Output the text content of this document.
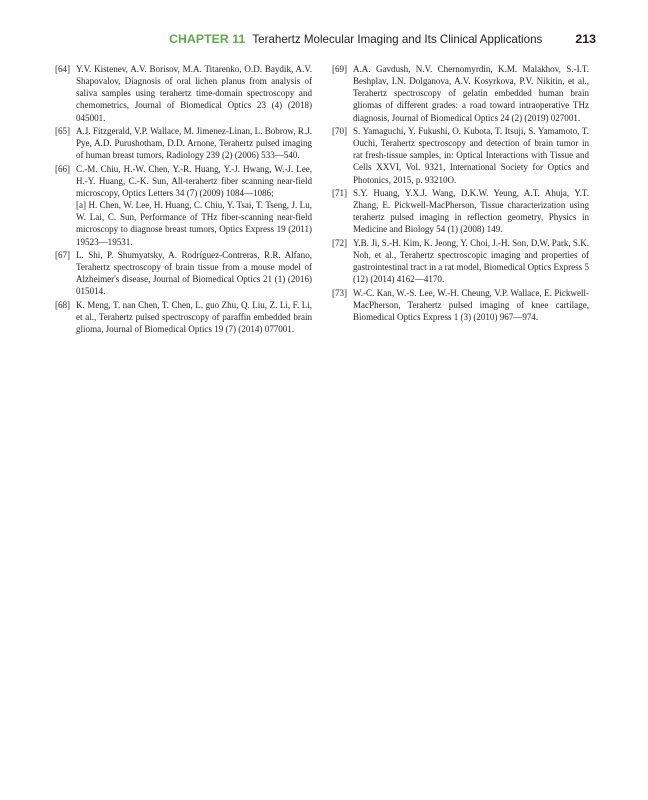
CHAPTER 11 Terahertz Molecular Imaging and Its Clinical Applications	213
[64] Y.V. Kistenev, A.V. Borisov, M.A. Titarenko, O.D. Baydik, A.V. Shapovalov, Diagnosis of oral lichen planus from analysis of saliva samples using terahertz time-domain spectroscopy and chemometrics, Journal of Biomedical Optics 23 (4) (2018) 045001.
[65] A.J. Fitzgerald, V.P. Wallace, M. Jimenez-Linan, L. Bobrow, R.J. Pye, A.D. Purushotham, D.D. Arnone, Terahertz pulsed imaging of human breast tumors, Radiology 239 (2) (2006) 533—540.
[66] C.-M. Chiu, H.-W. Chen, Y.-R. Huang, Y.-J. Hwang, W.-J. Lee, H.-Y. Huang, C.-K. Sun, All-terahertz fiber scanning near-field microscopy, Optics Letters 34 (7) (2009) 1084—1086;
[a] H. Chen, W. Lee, H. Huang, C. Chiu, Y. Tsai, T. Tseng, J. Lu, W. Lai, C. Sun, Performance of THz fiber-scanning near-field microscopy to diagnose breast tumors, Optics Express 19 (2011) 19523—19531.
[67] L. Shi, P. Shumyatsky, A. Rodríguez-Contreras, R.R. Alfano, Terahertz spectroscopy of brain tissue from a mouse model of Alzheimer's disease, Journal of Biomedical Optics 21 (1) (2016) 015014.
[68] K. Meng, T. nan Chen, T. Chen, L. guo Zhu, Q. Liu, Z. Li, F. Li, et al., Terahertz pulsed spectroscopy of paraffin embedded brain glioma, Journal of Biomedical Optics 19 (7) (2014) 077001.
[69] A.A. Gavdush, N.V. Chernomyrdin, K.M. Malakhov, S.-I.T. Beshplav, I.N. Dolganova, A.V. Kosyrkova, P.V. Nikitin, et al., Terahertz spectroscopy of gelatin embedded human brain gliomas of different grades: a road toward intraoperative THz diagnosis, Journal of Biomedical Optics 24 (2) (2019) 027001.
[70] S. Yamaguchi, Y. Fukushi, O. Kubota, T. Itsuji, S. Yamamoto, T. Ouchi, Terahertz spectroscopy and detection of brain tumor in rat fresh-tissue samples, in: Optical Interactions with Tissue and Cells XXVI, Vol. 9321, International Society for Optics and Photonics, 2015, p. 93210O.
[71] S.Y. Huang, Y.X.J. Wang, D.K.W. Yeung, A.T. Ahuja, Y.T. Zhang, E. Pickwell-MacPherson, Tissue characterization using terahertz pulsed imaging in reflection geometry, Physics in Medicine and Biology 54 (1) (2008) 149.
[72] Y.B. Ji, S.-H. Kim, K. Jeong, Y. Choi, J.-H. Son, D.W. Park, S.K. Noh, et al., Terahertz spectroscopic imaging and properties of gastrointestinal tract in a rat model, Biomedical Optics Express 5 (12) (2014) 4162—4170.
[73] W.-C. Kan, W.-S. Lee, W.-H. Cheung, V.P. Wallace, E. Pickwell-MacPherson, Terahertz pulsed imaging of knee cartilage, Biomedical Optics Express 1 (3) (2010) 967—974.
